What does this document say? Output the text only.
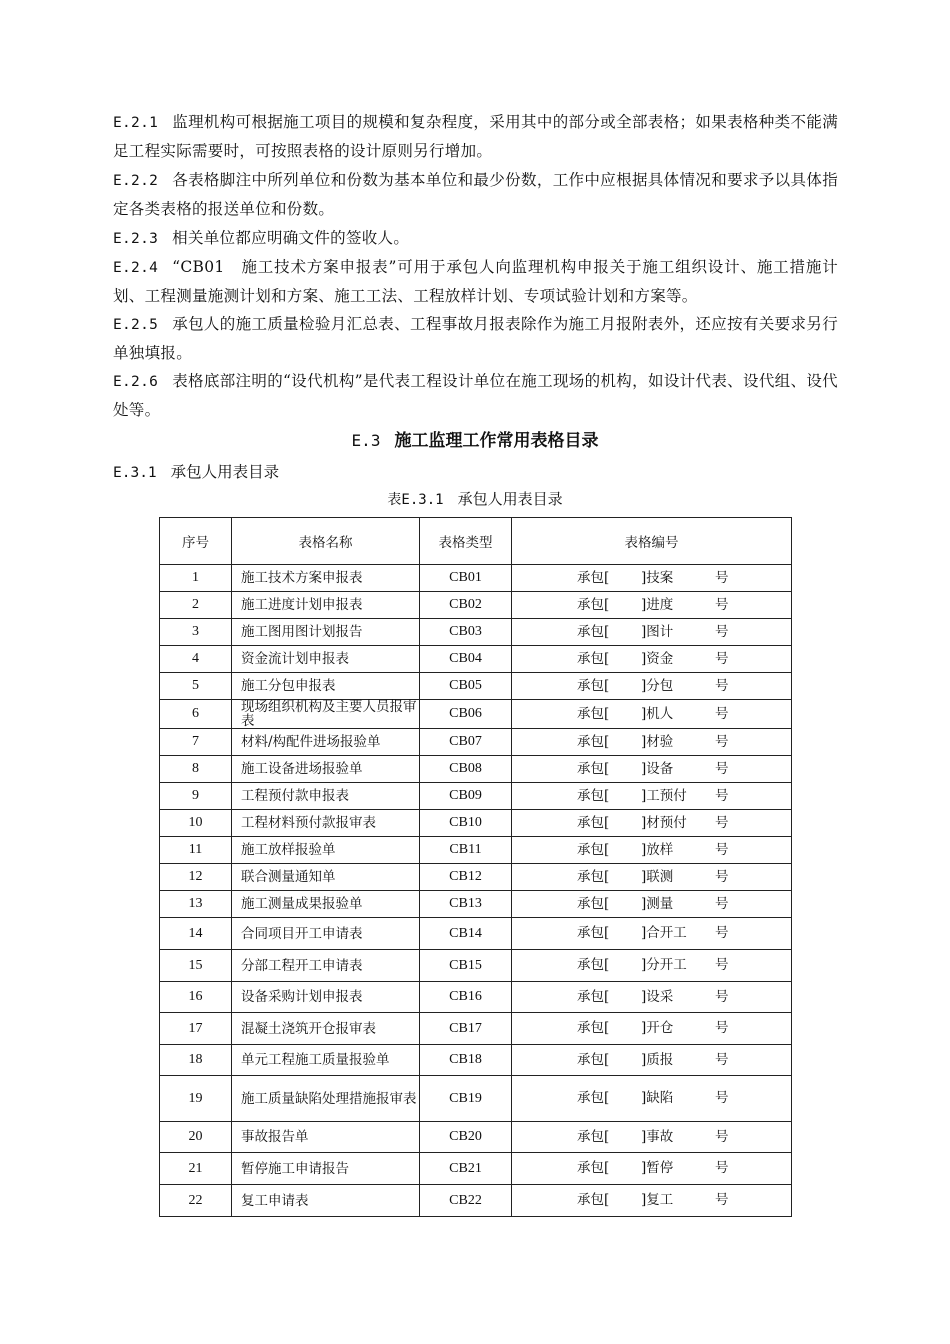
E.2.1 监理机构可根据施工项目的规模和复杂程度，采用其中的部分或全部表格；如果表格种类不能满足工程实际需要时，可按照表格的设计原则另行增加。
E.2.2 各表格脚注中所列单位和份数为基本单位和最少份数，工作中应根据具体情况和要求予以具体指定各类表格的报送单位和份数。
E.2.3 相关单位都应明确文件的签收人。
E.2.4 “CB01　施工技术方案申报表”可用于承包人向监理机构申报关于施工组织设计、施工措施计划、工程测量施测计划和方案、施工工法、工程放样计划、专项试验计划和方案等。
E.2.5 承包人的施工质量检验月汇总表、工程事故月报表除作为施工月报附表外，还应按有关要求另行单独填报。
E.2.6 表格底部注明的“设代机构”是代表工程设计单位在施工现场的机构，如设计代表、设代组、设代处等。
E.3 施工监理工作常用表格目录
E.3.1 承包人用表目录
表E.3.1 承包人用表目录
序号	表格名称	表格类型	表格编号
1	施工技术方案申报表	CB01	承包[ ]技案 号

2	施工进度计划申报表	CB02	承包[ ]进度 号

3	施工图用图计划报告	CB03	承包[ ]图计 号

4	资金流计划申报表	CB04	承包[ ]资金 号

5	施工分包申报表	CB05	承包[ ]分包 号

6	现场组织机构及主要人员报审表	CB06	承包[ ]机人 号

7	材料/构配件进场报验单	CB07	承包[ ]材验 号

8	施工设备进场报验单	CB08	承包[ ]设备 号

9	工程预付款申报表	CB09	承包[ ]工预付 号

10	工程材料预付款报审表	CB10	承包[ ]材预付 号

11	施工放样报验单	CB11	承包[ ]放样 号

12	联合测量通知单	CB12	承包[ ]联测 号

13	施工测量成果报验单	CB13	承包[ ]测量 号

14	合同项目开工申请表	CB14	承包[ ]合开工 号

15	分部工程开工申请表	CB15	承包[ ]分开工 号

16	设备采购计划申报表	CB16	承包[ ]设采 号

17	混凝土浇筑开仓报审表	CB17	承包[ ]开仓 号

18	单元工程施工质量报验单	CB18	承包[ ]质报 号

19	施工质量缺陷处理措施报审表	CB19	承包[ ]缺陷 号

20	事故报告单	CB20	承包[ ]事故 号

21	暂停施工申请报告	CB21	承包[ ]暂停 号

22	复工申请表	CB22	承包[ ]复工 号
